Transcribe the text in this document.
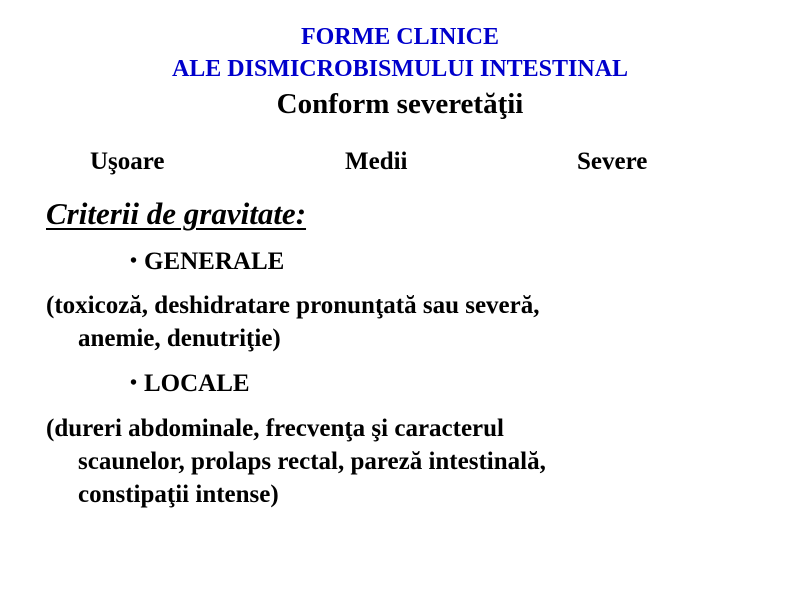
FORME CLINICE
ALE DISMICROBISMULUI INTESTINAL
Conform severetăţii
Uşoare	Medii	Severe
Criterii de gravitate:
• GENERALE
(toxicoză, deshidratare pronunţată sau severă,
anemie, denutriţie)
• LOCALE
(dureri abdominale, frecvenţa şi caracterul
scaunelor, prolaps rectal, pareză intestinală,
constipaţii intense)
